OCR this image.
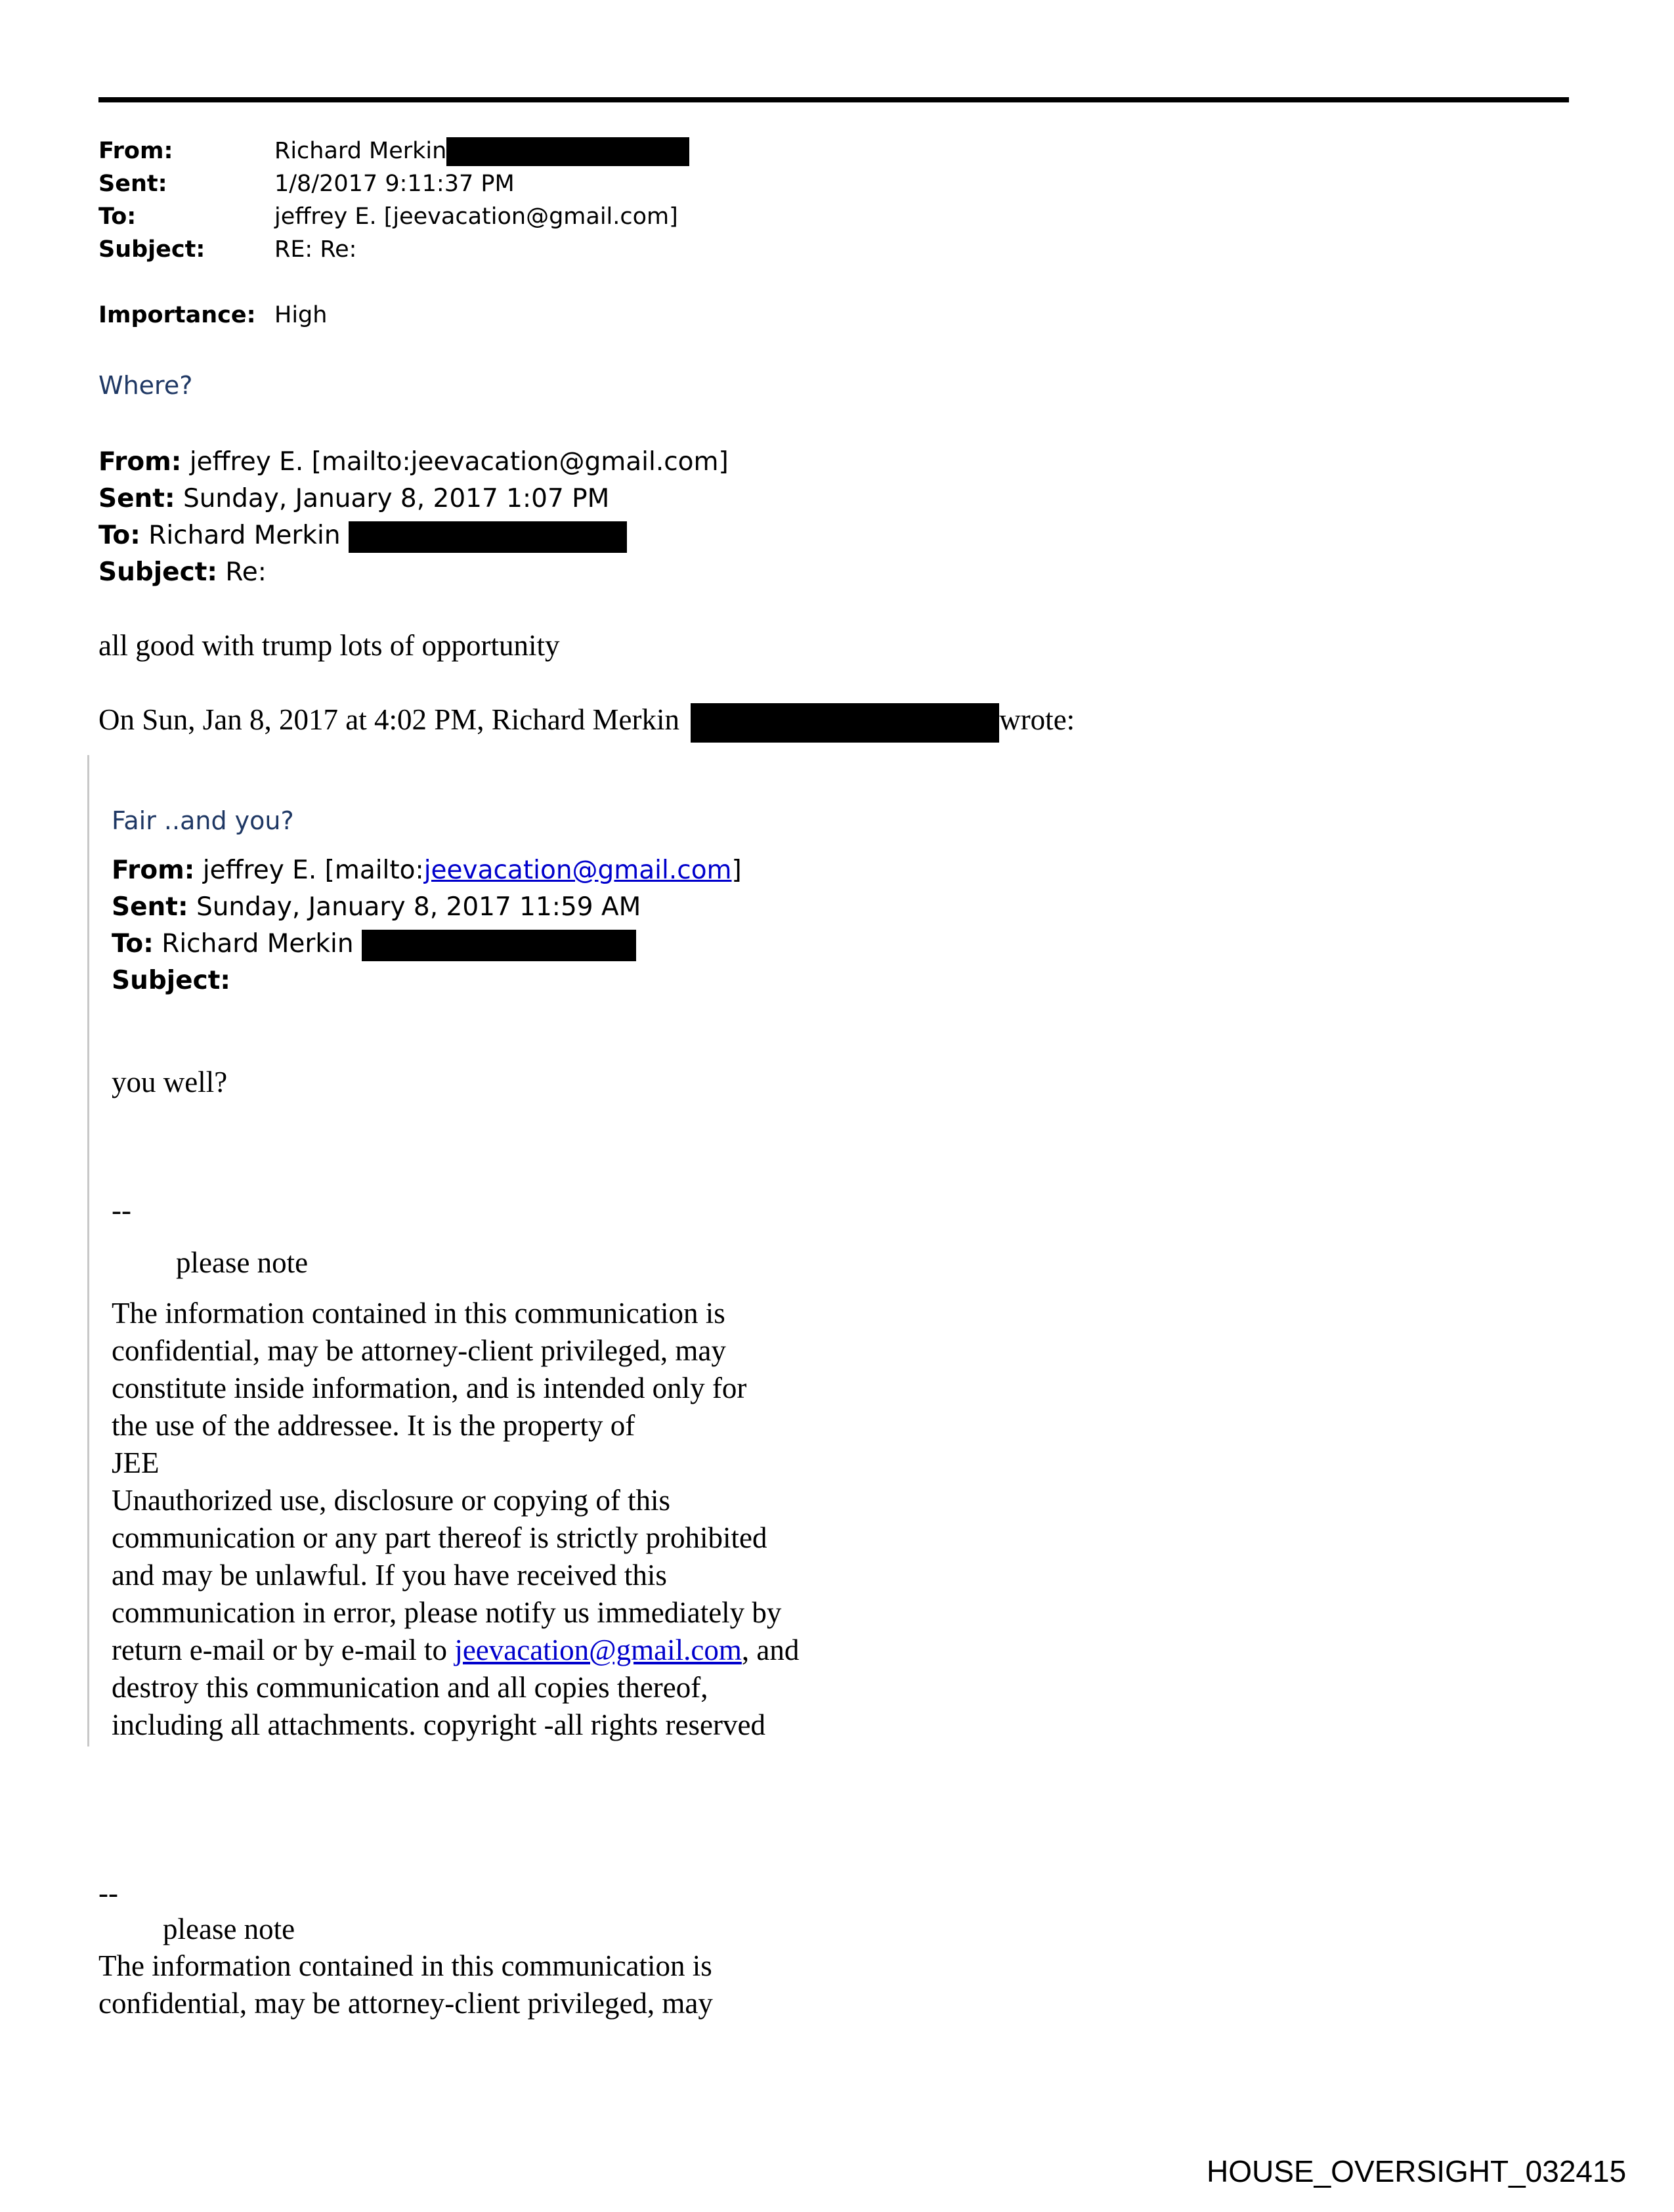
From:	Richard Merkin
Sent:	1/8/2017 9:11:37 PM
To:	jeffrey E. [jeevacation@gmail.com]
Subject:	RE: Re:
Importance: High
Where?
From: jeffrey E. [mailto:jeevacation@gmail.com]
Sent: Sunday, January 8, 2017 1:07 PM
To: Richard Merkin
Subject: Re:
all good with trump lots of opportunity
On Sun, Jan 8, 2017 at 4:02 PM, Richard Merkin	wrote:
Fair ..and you?
From: jeffrey E. [mailto:jeevacation@gmail.com]
Sent: Sunday, January 8, 2017 11:59 AM
To: Richard Merkin
Subject:
you well?
--
please note
The information contained in this communication is
confidential, may be attorney-client privileged, may
constitute inside information, and is intended only for
the use of the addressee. It is the property of
JEE
Unauthorized use, disclosure or copying of this
communication or any part thereof is strictly prohibited
and may be unlawful. If you have received this
communication in error, please notify us immediately by
return e-mail or by e-mail to jeevacation@gmail.com, and
destroy this communication and all copies thereof,
including all attachments. copyright -all rights reserved
--
please note
The information contained in this communication is
confidential, may be attorney-client privileged, may
HOUSE_OVERSIGHT_032415
